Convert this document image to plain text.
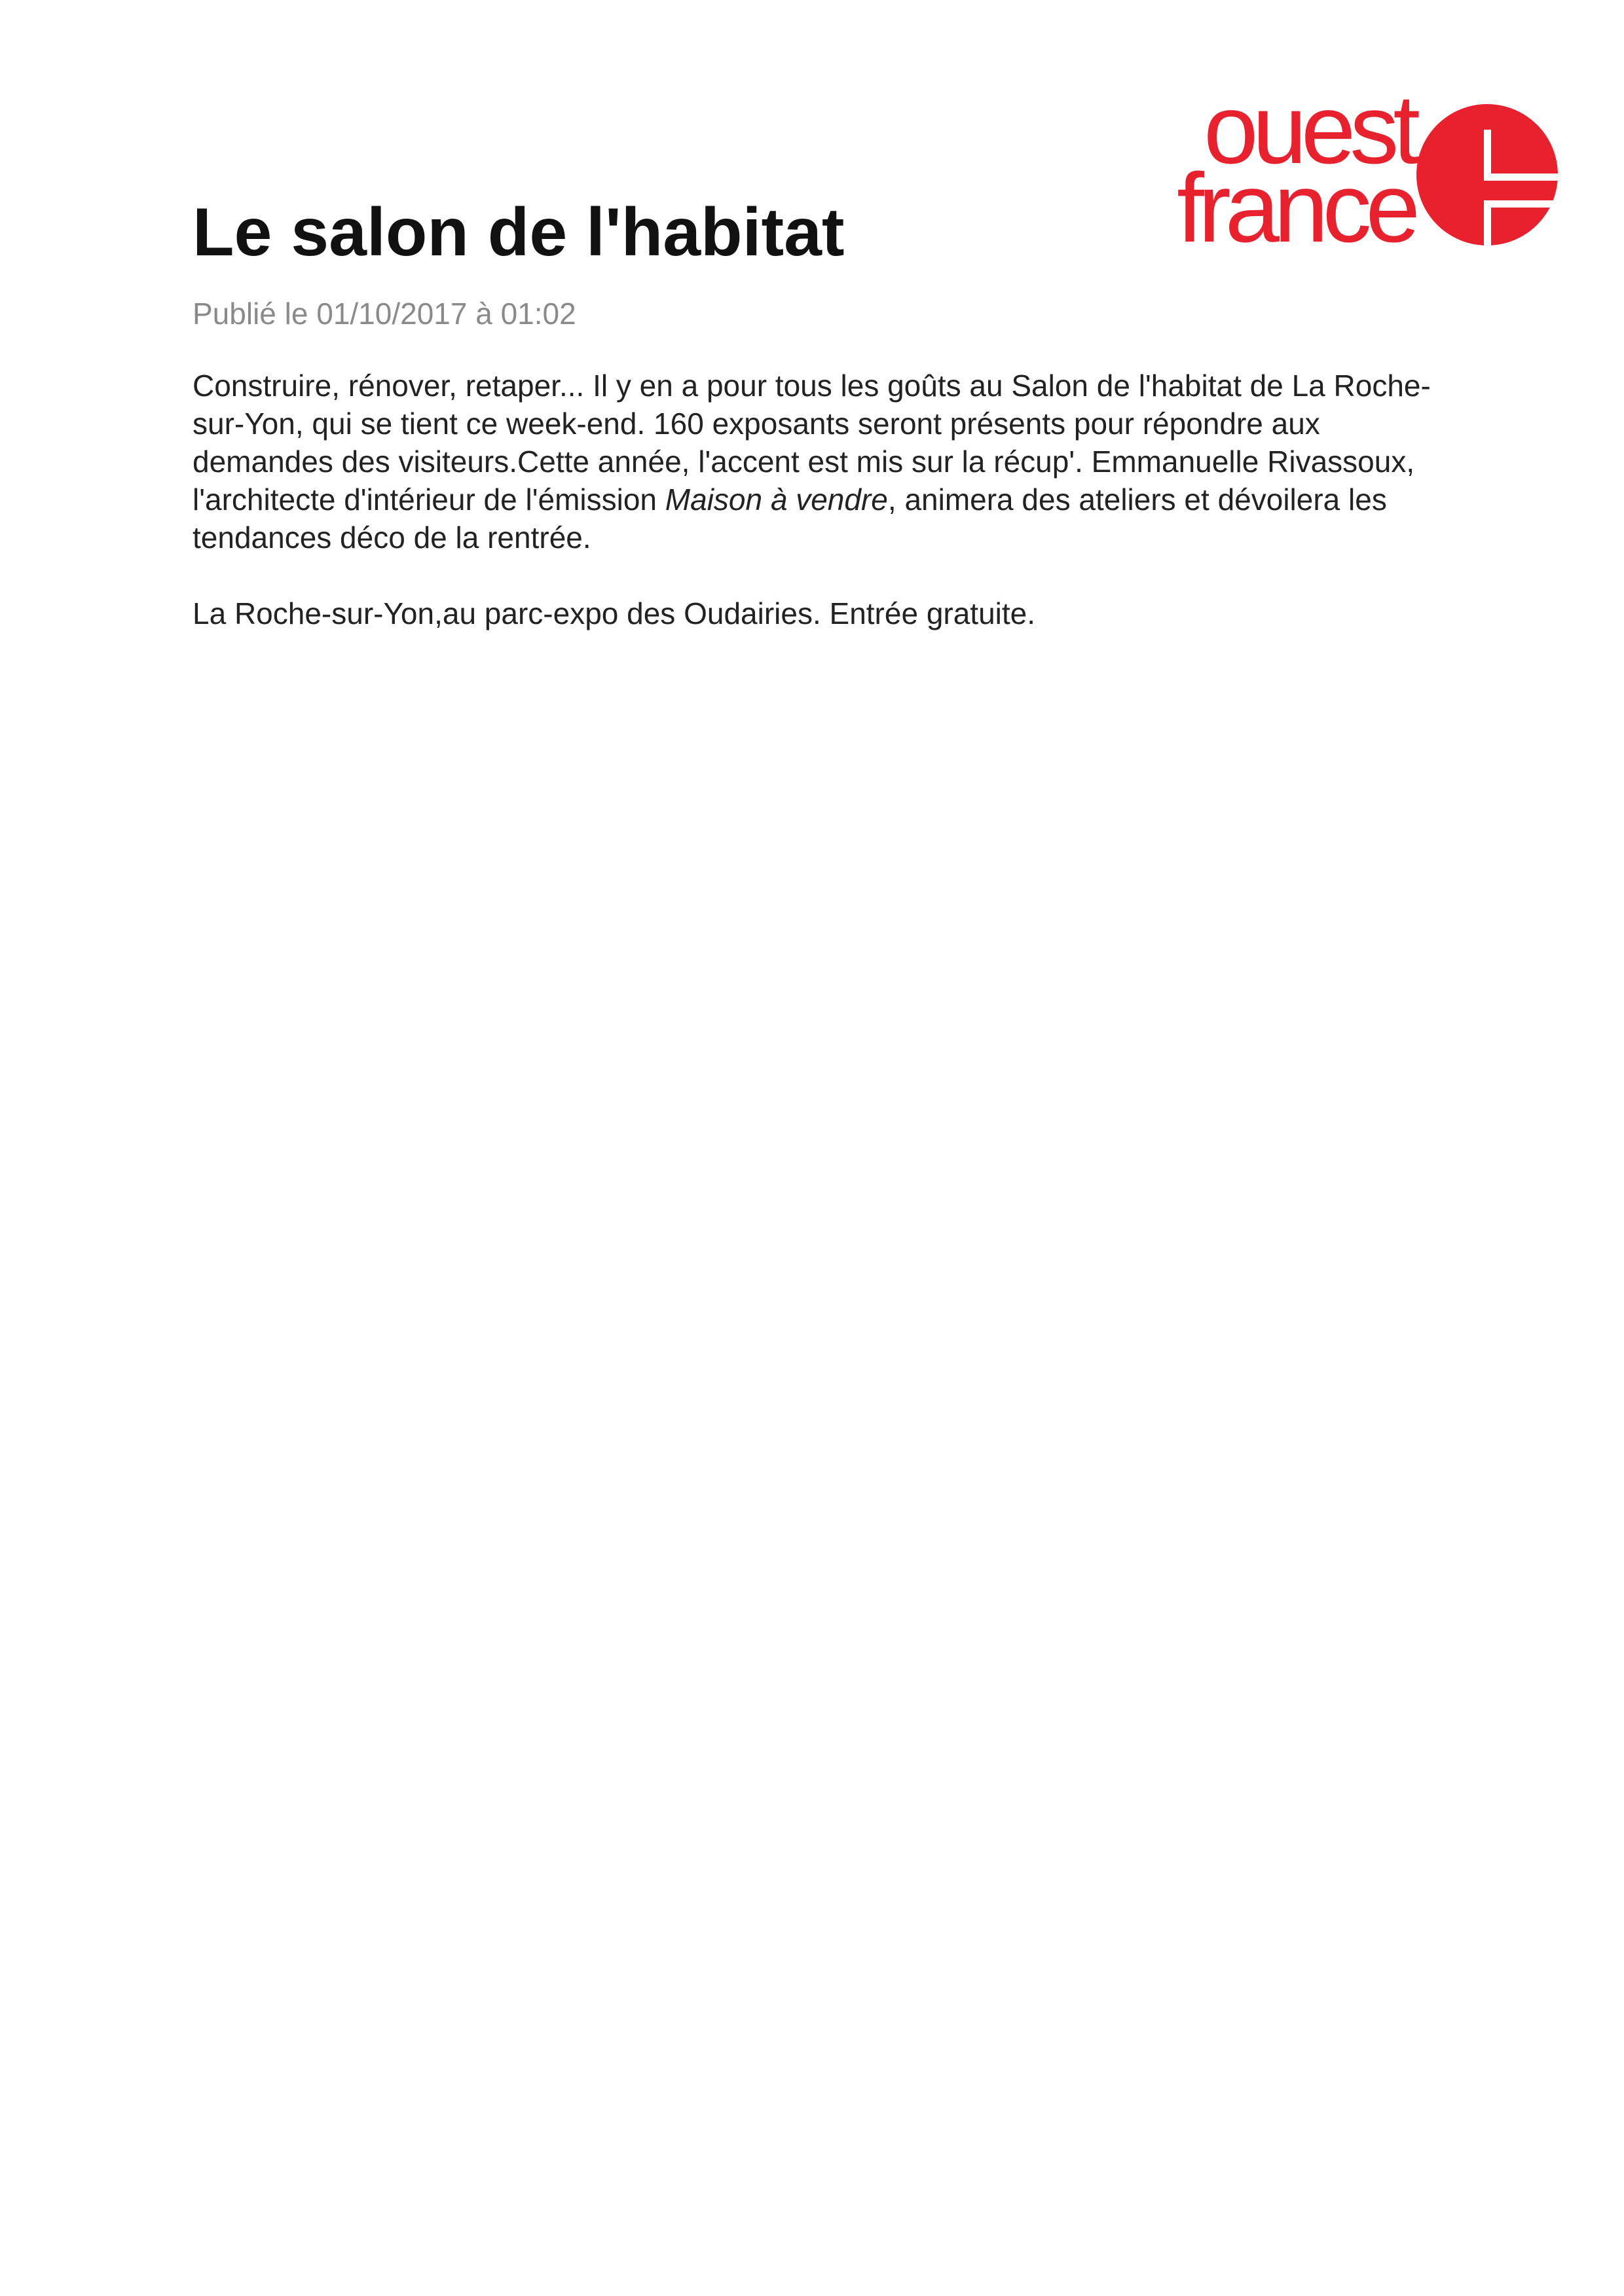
ouest
france
Le salon de l'habitat
Publié le 01/10/2017 à 01:02

Construire, rénover, retaper... Il y en a pour tous les goûts au Salon de l'habitat de La Roche-sur-Yon, qui se tient ce week-end. 160 exposants seront présents pour répondre aux demandes des visiteurs.Cette année, l'accent est mis sur la récup'. Emmanuelle Rivassoux, l'architecte d'intérieur de l'émission Maison à vendre, animera des ateliers et dévoilera les tendances déco de la rentrée.

La Roche-sur-Yon,au parc-expo des Oudairies. Entrée gratuite.
